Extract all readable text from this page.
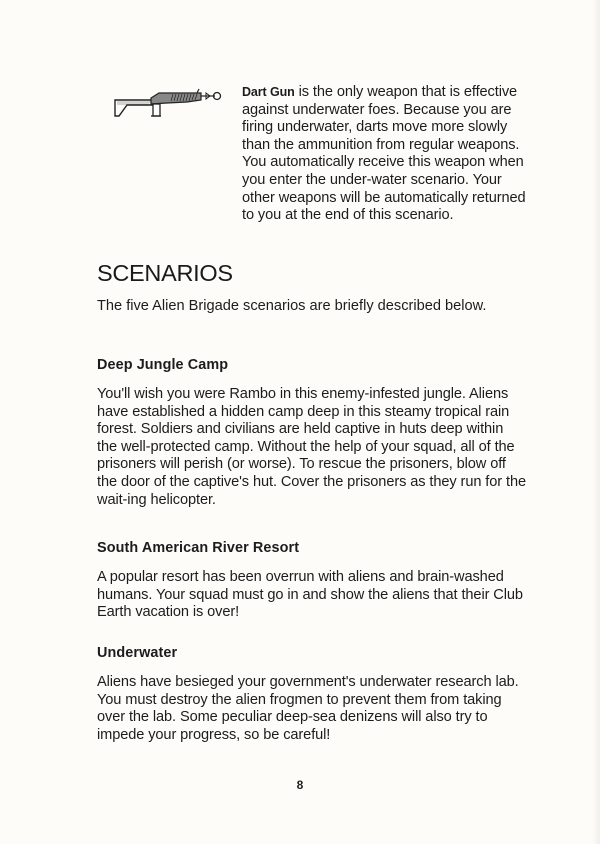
Dart Gun is the only weapon that is effective against underwater foes. Because you are firing underwater, darts move more slowly than the ammunition from regular weapons. You automatically receive this weapon when you enter the under-water scenario. Your other weapons will be automatically returned to you at the end of this scenario.
SCENARIOS

The five Alien Brigade scenarios are briefly described below.

Deep Jungle Camp

You'll wish you were Rambo in this enemy-infested jungle. Aliens have established a hidden camp deep in this steamy tropical rain forest. Soldiers and civilians are held captive in huts deep within the well-protected camp. Without the help of your squad, all of the prisoners will perish (or worse). To rescue the prisoners, blow off the door of the captive's hut. Cover the prisoners as they run for the wait-ing helicopter.

South American River Resort

A popular resort has been overrun with aliens and brain-washed humans. Your squad must go in and show the aliens that their Club Earth vacation is over!

Underwater

Aliens have besieged your government's underwater research lab. You must destroy the alien frogmen to prevent them from taking over the lab. Some peculiar deep-sea denizens will also try to impede your progress, so be careful!

8
